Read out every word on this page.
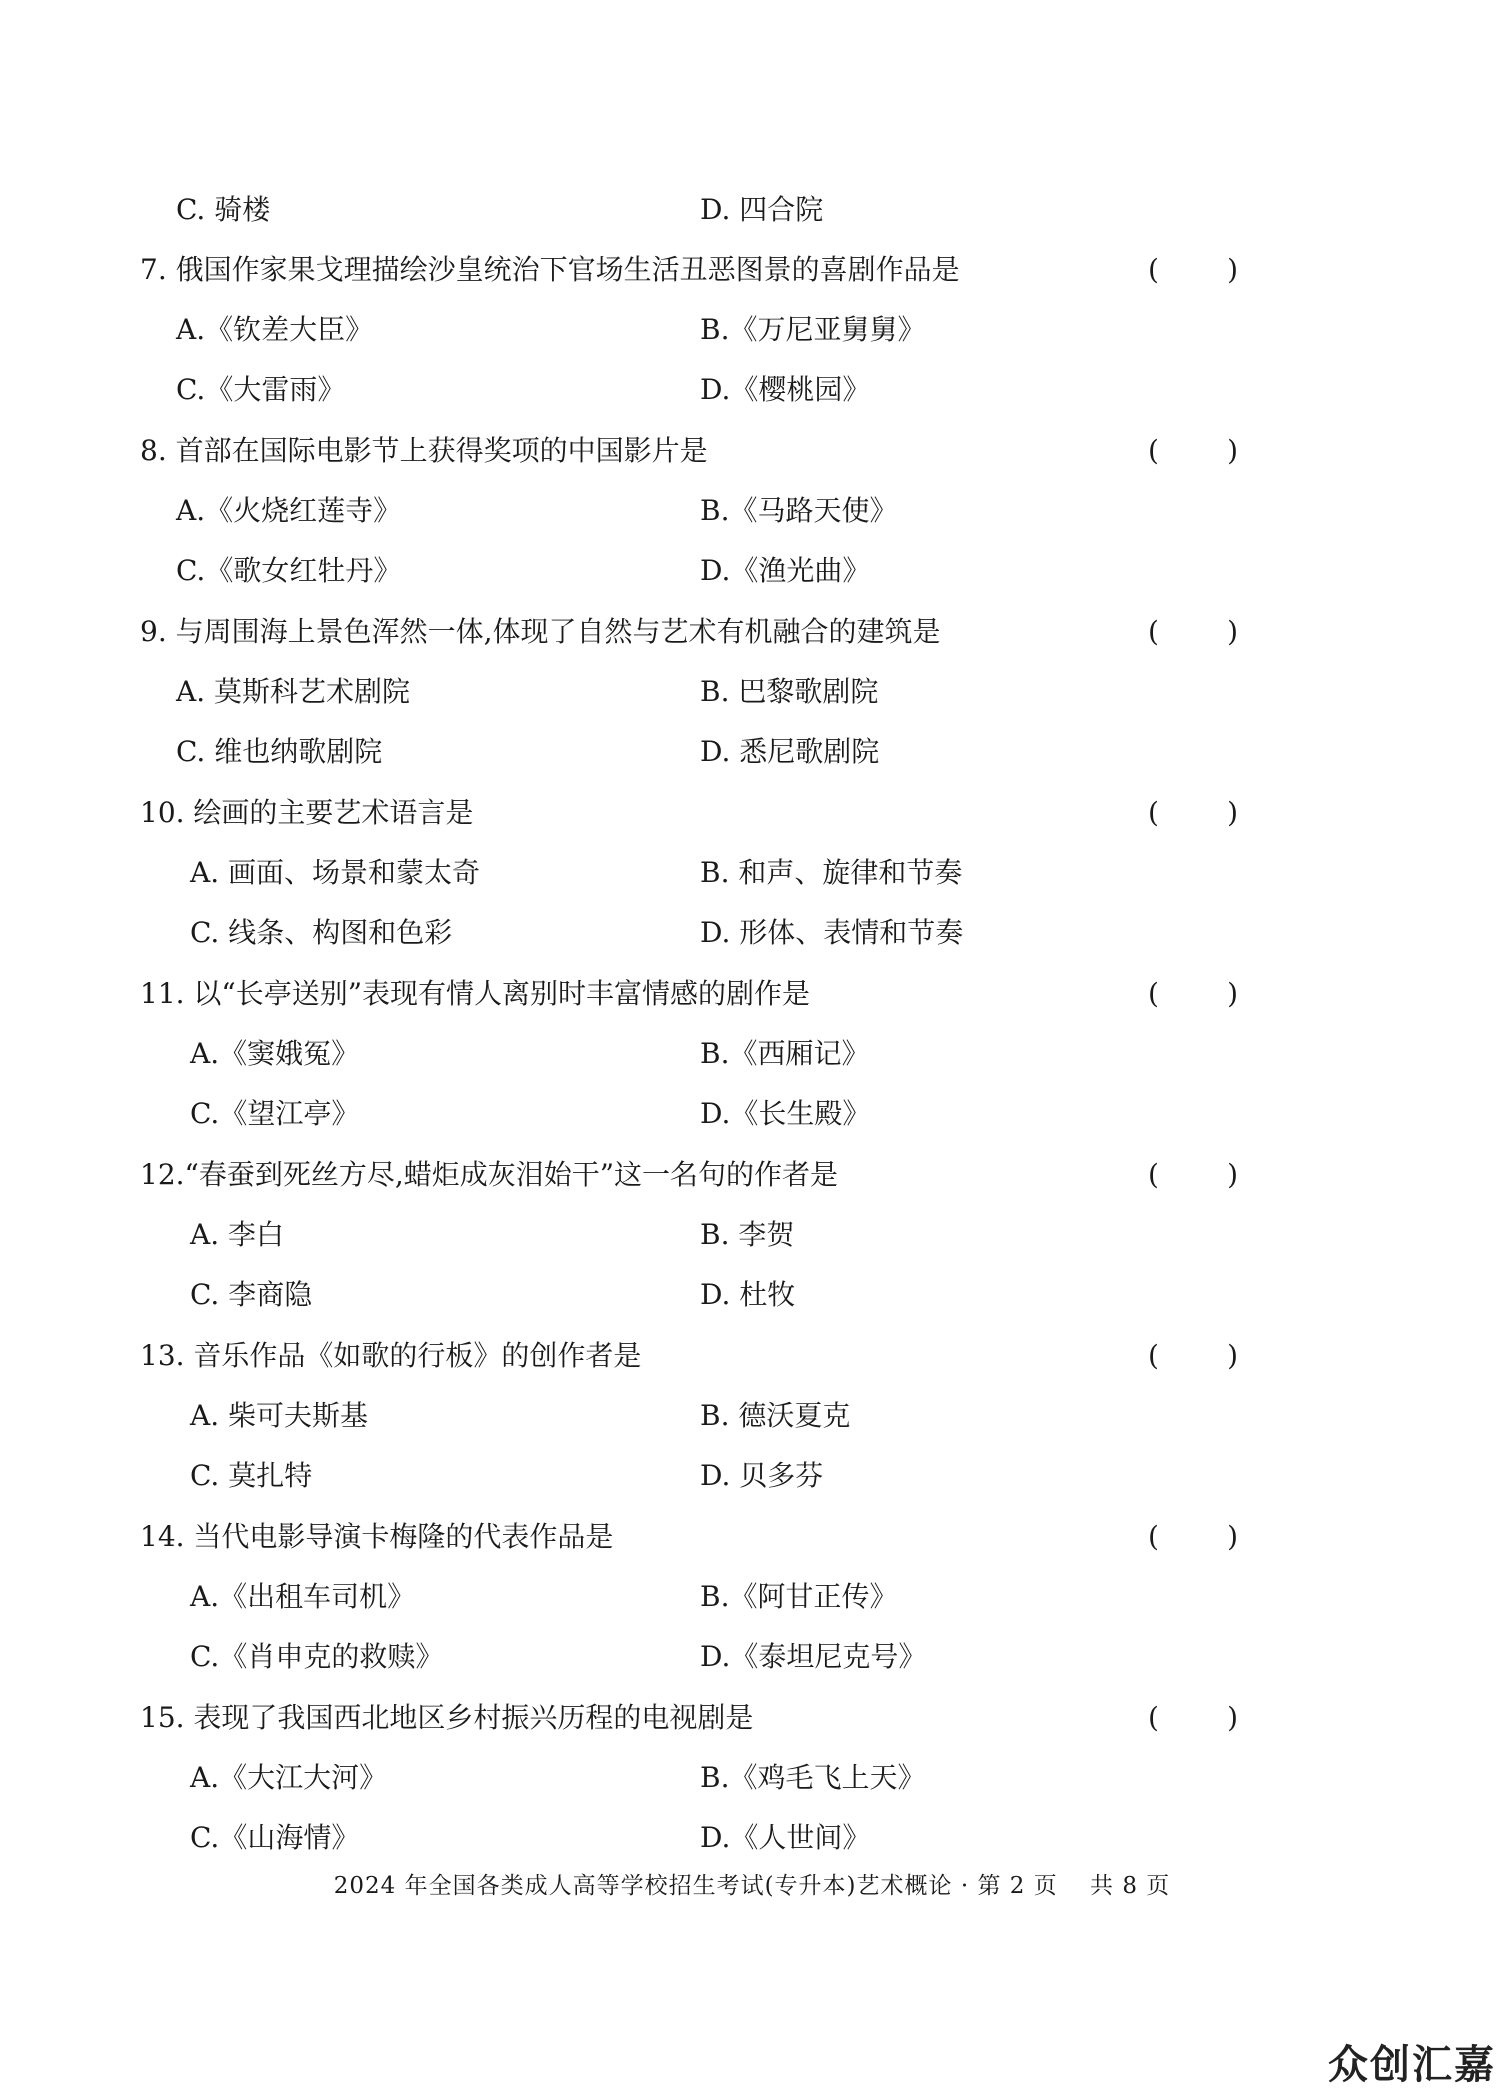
C. 骑楼	D. 四合院
7. 俄国作家果戈理描绘沙皇统治下官场生活丑恶图景的喜剧作品是	( )
A.《钦差大臣》	B.《万尼亚舅舅》
C.《大雷雨》	D.《樱桃园》
8. 首部在国际电影节上获得奖项的中国影片是	( )
A.《火烧红莲寺》	B.《马路天使》
C.《歌女红牡丹》	D.《渔光曲》
9. 与周围海上景色浑然一体,体现了自然与艺术有机融合的建筑是	( )
A. 莫斯科艺术剧院	B. 巴黎歌剧院
C. 维也纳歌剧院	D. 悉尼歌剧院
10. 绘画的主要艺术语言是	( )
A. 画面、场景和蒙太奇	B. 和声、旋律和节奏
C. 线条、构图和色彩	D. 形体、表情和节奏
11. 以“长亭送别”表现有情人离别时丰富情感的剧作是	( )
A.《窦娥冤》	B.《西厢记》
C.《望江亭》	D.《长生殿》
12.“春蚕到死丝方尽,蜡炬成灰泪始干”这一名句的作者是	( )
A. 李白	B. 李贺
C. 李商隐	D. 杜牧
13. 音乐作品《如歌的行板》的创作者是	( )
A. 柴可夫斯基	B. 德沃夏克
C. 莫扎特	D. 贝多芬
14. 当代电影导演卡梅隆的代表作品是	( )
A.《出租车司机》	B.《阿甘正传》
C.《肖申克的救赎》	D.《泰坦尼克号》
15. 表现了我国西北地区乡村振兴历程的电视剧是	( )
A.《大江大河》	B.《鸡毛飞上天》
C.《山海情》	D.《人世间》
2024 年全国各类成人高等学校招生考试(专升本)艺术概论 · 第 2 页　 共 8 页
众创汇嘉
